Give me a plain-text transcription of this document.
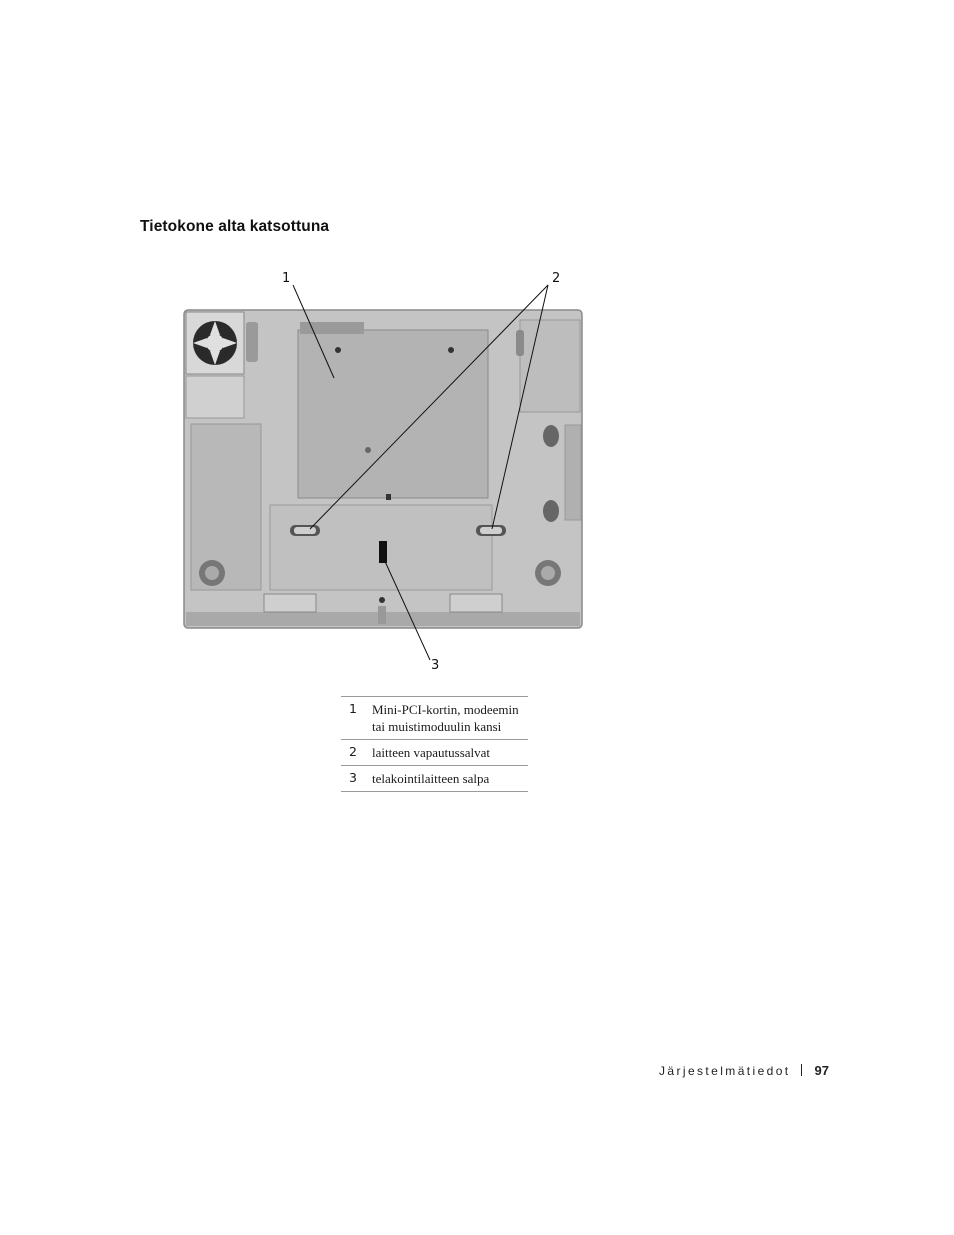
Tietokone alta katsottuna
1	2
3
1	Mini-PCI-kortin, modeemin tai muistimoduulin kansi
2	laitteen vapautussalvat
3	telakointilaitteen salpa
Järjestelmätiedot 97
